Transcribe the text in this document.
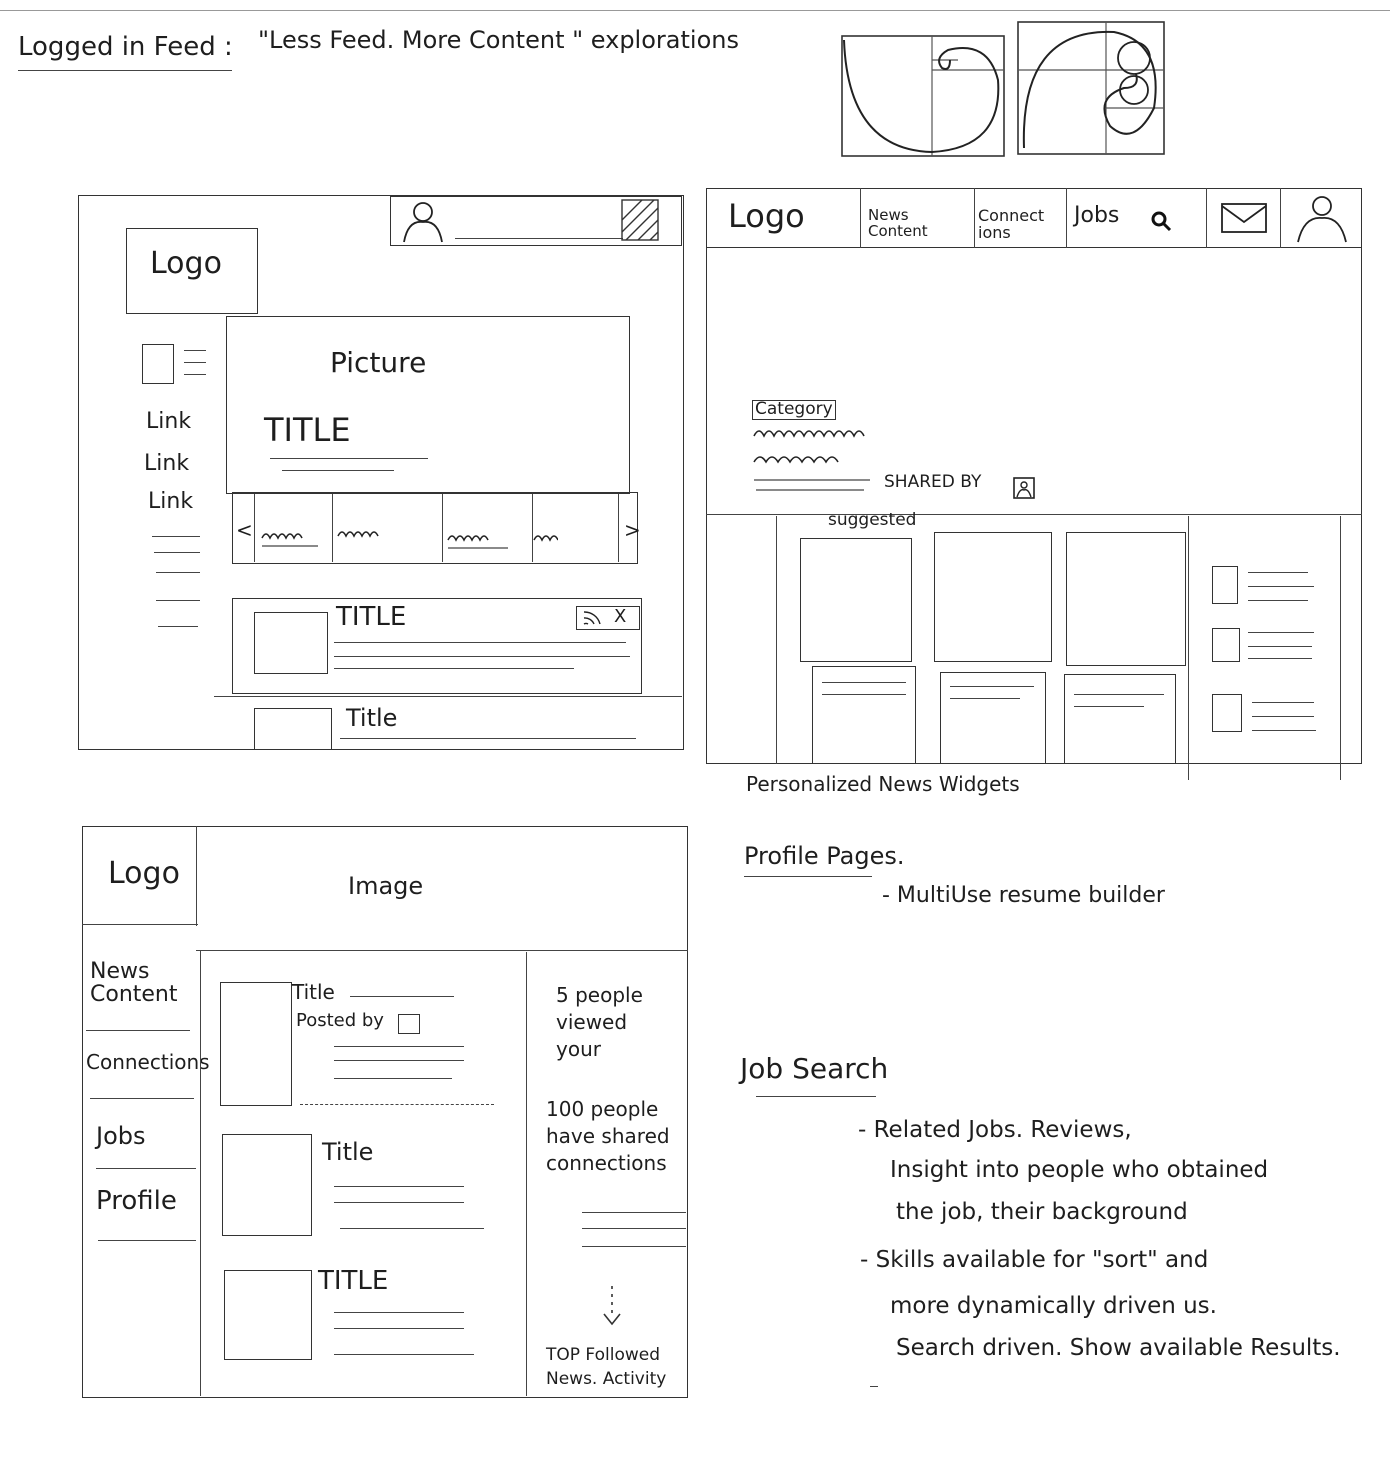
Logged in Feed : "Less Feed. More Content " explorations
Logo
Link
Link
Link
Picture
TITLE
<	>
TITLE	X
Title
Logo	News Content
Connect ions
Jobs
Category
SHARED BY
suggested
Personalized News Widgets
Logo	Image
News Content
Connections
Jobs
Profile
Title
Posted by
Title
TITLE
5 people viewed your
100 people have shared connections
TOP Followed News. Activity
Profile Pages.
- MultiUse resume builder
Job Search
- Related Jobs. Reviews,
Insight into people who obtained
the job, their background
- Skills available for "sort" and
more dynamically driven us.
Search driven. Show available Results.
